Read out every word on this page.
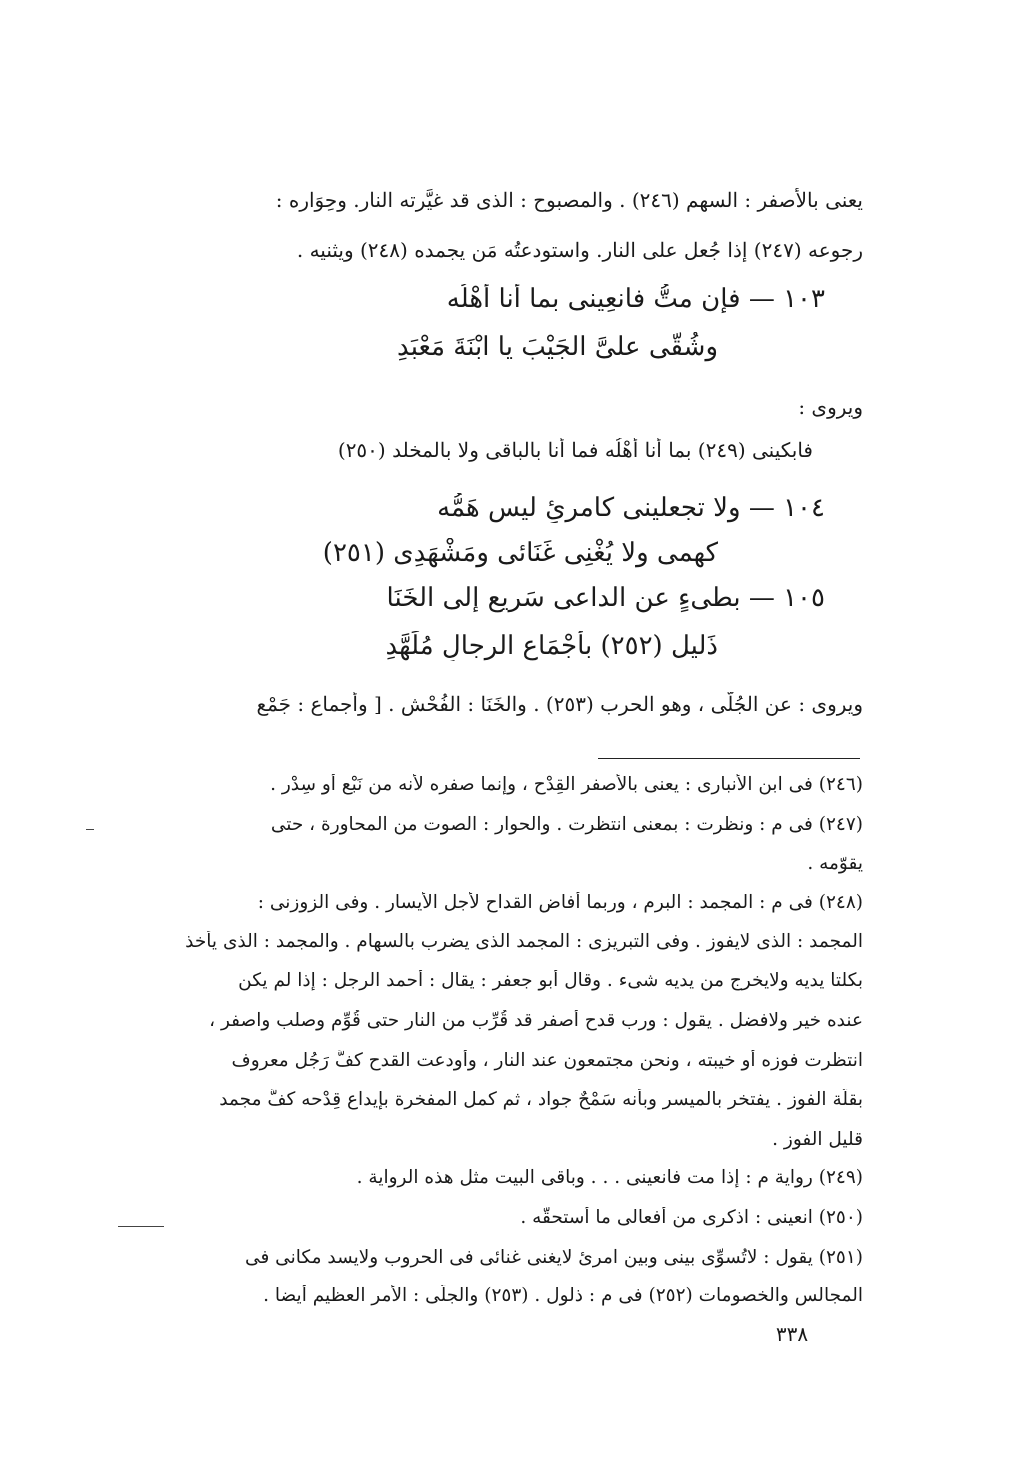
يعنى بالأصفر : السهم (٢٤٦) . والمصبوح : الذى قد غيَّرته النار. وحِوَاره :
رجوعه (٢٤٧) إذا جُعل على النار. واستودعتُه مَن يجمده (٢٤٨) ويثنيه .
١٠٣ — فإن متُّ فانعِينى بما أنا أهْلُه
وشُقّى علىَّ الجَيْبَ يا ابْنَةَ مَعْبَدِ
ويروى :
فابكينى (٢٤٩) بما أنا أهْلُه فما أنا بالباقى ولا بالمخلد (٢٥٠)
١٠٤ — ولا تجعلينى كامرئٍ ليس هَمُّه
كهمى ولا يُغْنِى غَنَائى ومَشْهَدِى (٢٥١)
١٠٥ — بطىءٍ عن الداعى سَرِيعٍ إلى الخَنَا
ذَليل (٢٥٢) بأجْمَاعِ الرجالِ مُلَهَّدِ
ويروى : عن الجُلَّى ، وهو الحرب (٢٥٣) . والخَنَا : الفُحْش . [ وأجماع : جَمْع
(٢٤٦) فى ابن الأنبارى : يعنى بالأصفر القِدْح ، وإنما صفره لأنه من نَبْع أو سِدْر .
(٢٤٧) فى م : ونظرت : بمعنى انتظرت . والحوار : الصوت من المحاورة ، حتى
يقوّمه .
(٢٤٨) فى م : المجمد : البرم ، وربما أفاض القداح لأجل الأيسار . وفى الزوزنى :
المجمد : الذى لايفوز . وفى التبريزى : المجمد الذى يضرب بالسهام . والمجمد : الذى يأخذ
بكلتا يديه ولايخرج من يديه شىء . وقال أبو جعفر : يقال : أحمد الرجل : إذا لم يكن
عنده خير ولافضل . يقول : ورب قدح أصفر قد قُرِّب من النار حتى قُوِّم وصلب واصفر ،
انتظرت فوزه أو خيبته ، ونحن مجتمعون عند النار ، وأودعت القدح كفَّ رَجُل معروف
بقلّة الفوز . يفتخر بالميسر وبأنه سَمْحٌ جواد ، ثم كمل المفخرة بإيداع قِدْحه كفَّ مجمد
قليل الفوز .
(٢٤٩) رواية م : إذا مت فانعينى . . . وباقى البيت مثل هذه الرواية .
(٢٥٠) انعينى : اذكرى من أفعالى ما أستحقُّه .
(٢٥١) يقول : لاتُسوِّى بينى وبين امرئ لايغنى غنائى فى الحروب ولايسد مكانى فى
المجالس والخصومات (٢٥٢) فى م : ذلول . (٢٥٣) والجلّى : الأمر العظيم أيضا .
٣٣٨
